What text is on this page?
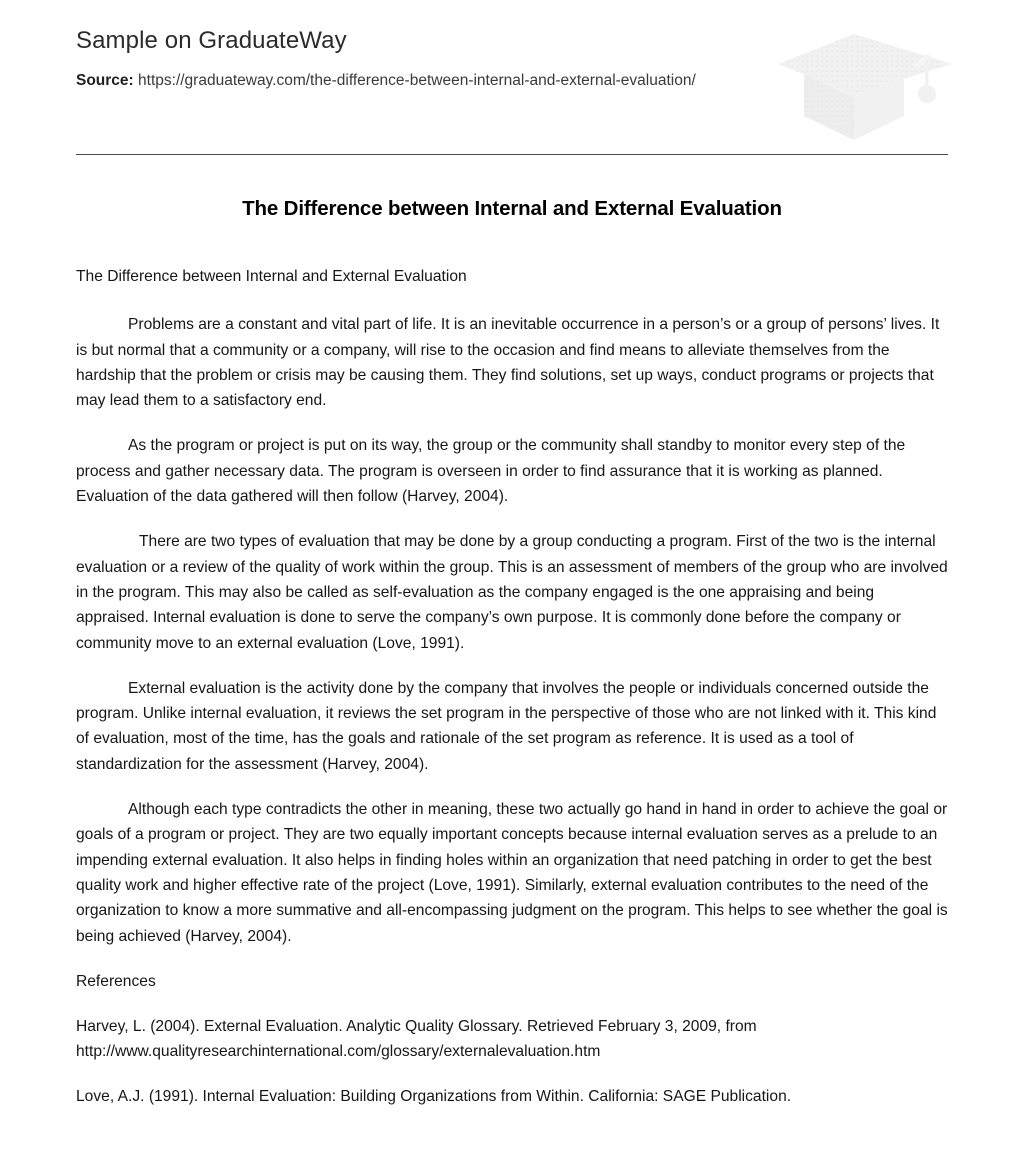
Sample on GraduateWay
Source: https://graduateway.com/the-difference-between-internal-and-external-evaluation/
The Difference between Internal and External Evaluation

The Difference between Internal and External Evaluation

Problems are a constant and vital part of life. It is an inevitable occurrence in a person’s or a group of persons’ lives. It is but normal that a community or a company, will rise to the occasion and find means to alleviate themselves from the hardship that the problem or crisis may be causing them. They find solutions, set up ways, conduct programs or projects that may lead them to a satisfactory end.

As the program or project is put on its way, the group or the community shall standby to monitor every step of the process and gather necessary data. The program is overseen in order to find assurance that it is working as planned. Evaluation of the data gathered will then follow (Harvey, 2004).

There are two types of evaluation that may be done by a group conducting a program. First of the two is the internal evaluation or a review of the quality of work within the group. This is an assessment of members of the group who are involved in the program. This may also be called as self-evaluation as the company engaged is the one appraising and being appraised. Internal evaluation is done to serve the company’s own purpose. It is commonly done before the company or community move to an external evaluation (Love, 1991).

External evaluation is the activity done by the company that involves the people or individuals concerned outside the program. Unlike internal evaluation, it reviews the set program in the perspective of those who are not linked with it. This kind of evaluation, most of the time, has the goals and rationale of the set program as reference. It is used as a tool of standardization for the assessment (Harvey, 2004).

Although each type contradicts the other in meaning, these two actually go hand in hand in order to achieve the goal or goals of a program or project. They are two equally important concepts because internal evaluation serves as a prelude to an impending external evaluation. It also helps in finding holes within an organization that need patching in order to get the best quality work and higher effective rate of the project (Love, 1991). Similarly, external evaluation contributes to the need of the organization to know a more summative and all-encompassing judgment on the program. This helps to see whether the goal is being achieved (Harvey, 2004).

References

Harvey, L. (2004). External Evaluation. Analytic Quality Glossary. Retrieved February 3, 2009, from http://www.qualityresearchinternational.com/glossary/externalevaluation.htm

Love, A.J. (1991). Internal Evaluation: Building Organizations from Within. California: SAGE Publication.
